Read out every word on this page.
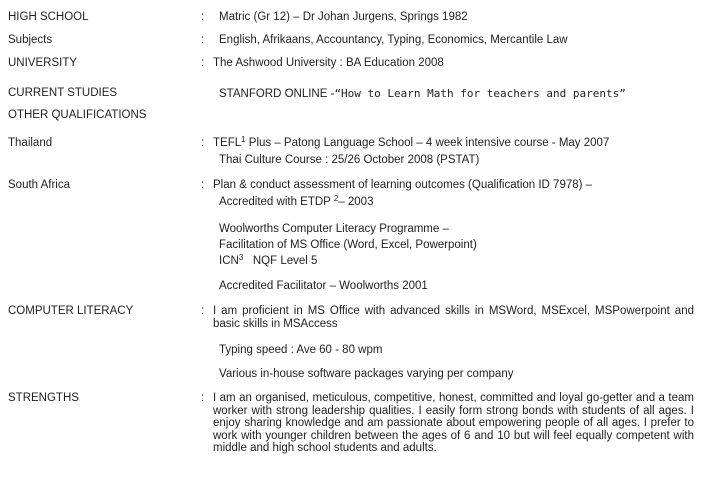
HIGH SCHOOL	: Matric (Gr 12) – Dr Johan Jurgens, Springs 1982
Subjects	: English, Afrikaans, Accountancy, Typing, Economics, Mercantile Law
UNIVERSITY	: The Ashwood University : BA Education 2008
CURRENT STUDIES	STANFORD ONLINE -“How to Learn Math for teachers and parents”
OTHER QUALIFICATIONS
Thailand	: TEFL$^1$ Plus – Patong Language School – 4 week intensive course - May 2007
Thai Culture Course : 25/26 October 2008 (PSTAT)
South Africa	: Plan & conduct assessment of learning outcomes (Qualification ID 7978) –
Accredited with ETDP $^2$– 2003
Woolworths Computer Literacy Programme –
Facilitation of MS Office (Word, Excel, Powerpoint)
ICN$^3$   NQF Level 5
Accredited Facilitator – Woolworths 2001
COMPUTER LITERACY	: I am proficient in MS Office with advanced skills in MSWord, MSExcel, MSPowerpoint and basic skills in MSAccess
Typing speed : Ave 60 - 80 wpm
Various in-house software packages varying per company
STRENGTHS	: I am an organised, meticulous, competitive, honest, committed and loyal go-getter and a team worker with strong leadership qualities. I easily form strong bonds with students of all ages. I enjoy sharing knowledge and am passionate about empowering people of all ages. I prefer to work with younger children between the ages of 6 and 10 but will feel equally competent with middle and high school students and adults.
